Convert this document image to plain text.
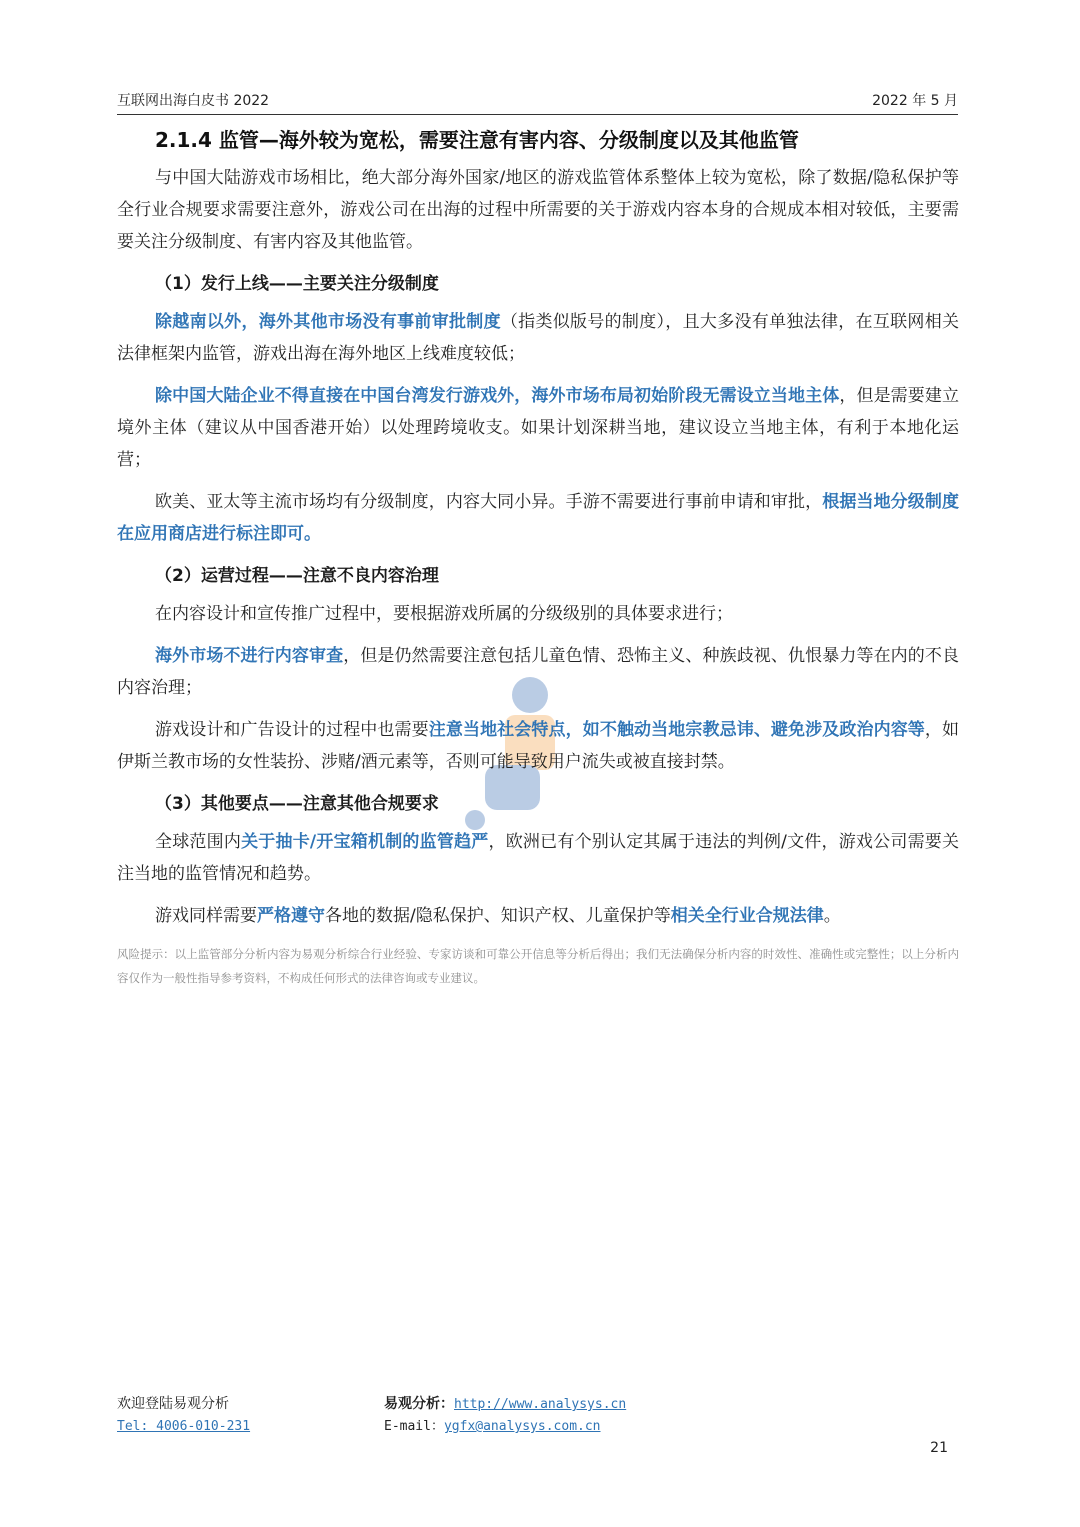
互联网出海白皮书 2022	2022 年 5 月
2.1.4 监管—海外较为宽松，需要注意有害内容、分级制度以及其他监管

与中国大陆游戏市场相比，绝大部分海外国家/地区的游戏监管体系整体上较为宽松，除了数据/隐私保护等全行业合规要求需要注意外，游戏公司在出海的过程中所需要的关于游戏内容本身的合规成本相对较低，主要需要关注分级制度、有害内容及其他监管。

（1）发行上线——主要关注分级制度

除越南以外，海外其他市场没有事前审批制度（指类似版号的制度），且大多没有单独法律，在互联网相关法律框架内监管，游戏出海在海外地区上线难度较低；

除中国大陆企业不得直接在中国台湾发行游戏外，海外市场布局初始阶段无需设立当地主体，但是需要建立境外主体（建议从中国香港开始）以处理跨境收支。如果计划深耕当地，建议设立当地主体，有利于本地化运营；

欧美、亚太等主流市场均有分级制度，内容大同小异。手游不需要进行事前申请和审批，根据当地分级制度在应用商店进行标注即可。

（2）运营过程——注意不良内容治理

在内容设计和宣传推广过程中，要根据游戏所属的分级级别的具体要求进行；

海外市场不进行内容审查，但是仍然需要注意包括儿童色情、恐怖主义、种族歧视、仇恨暴力等在内的不良内容治理；

游戏设计和广告设计的过程中也需要注意当地社会特点，如不触动当地宗教忌讳、避免涉及政治内容等，如伊斯兰教市场的女性装扮、涉赌/酒元素等，否则可能导致用户流失或被直接封禁。

（3）其他要点——注意其他合规要求

全球范围内关于抽卡/开宝箱机制的监管趋严，欧洲已有个别认定其属于违法的判例/文件，游戏公司需要关注当地的监管情况和趋势。

游戏同样需要严格遵守各地的数据/隐私保护、知识产权、儿童保护等相关全行业合规法律。

风险提示：以上监管部分分析内容为易观分析综合行业经验、专家访谈和可靠公开信息等分析后得出；我们无法确保分析内容的时效性、准确性或完整性；以上分析内容仅作为一般性指导参考资料，不构成任何形式的法律咨询或专业建议。

欢迎登陆易观分析
Tel: 4006-010-231
易观分析：http://www.analysys.cn
E-mail：ygfx@analysys.com.cn
21
